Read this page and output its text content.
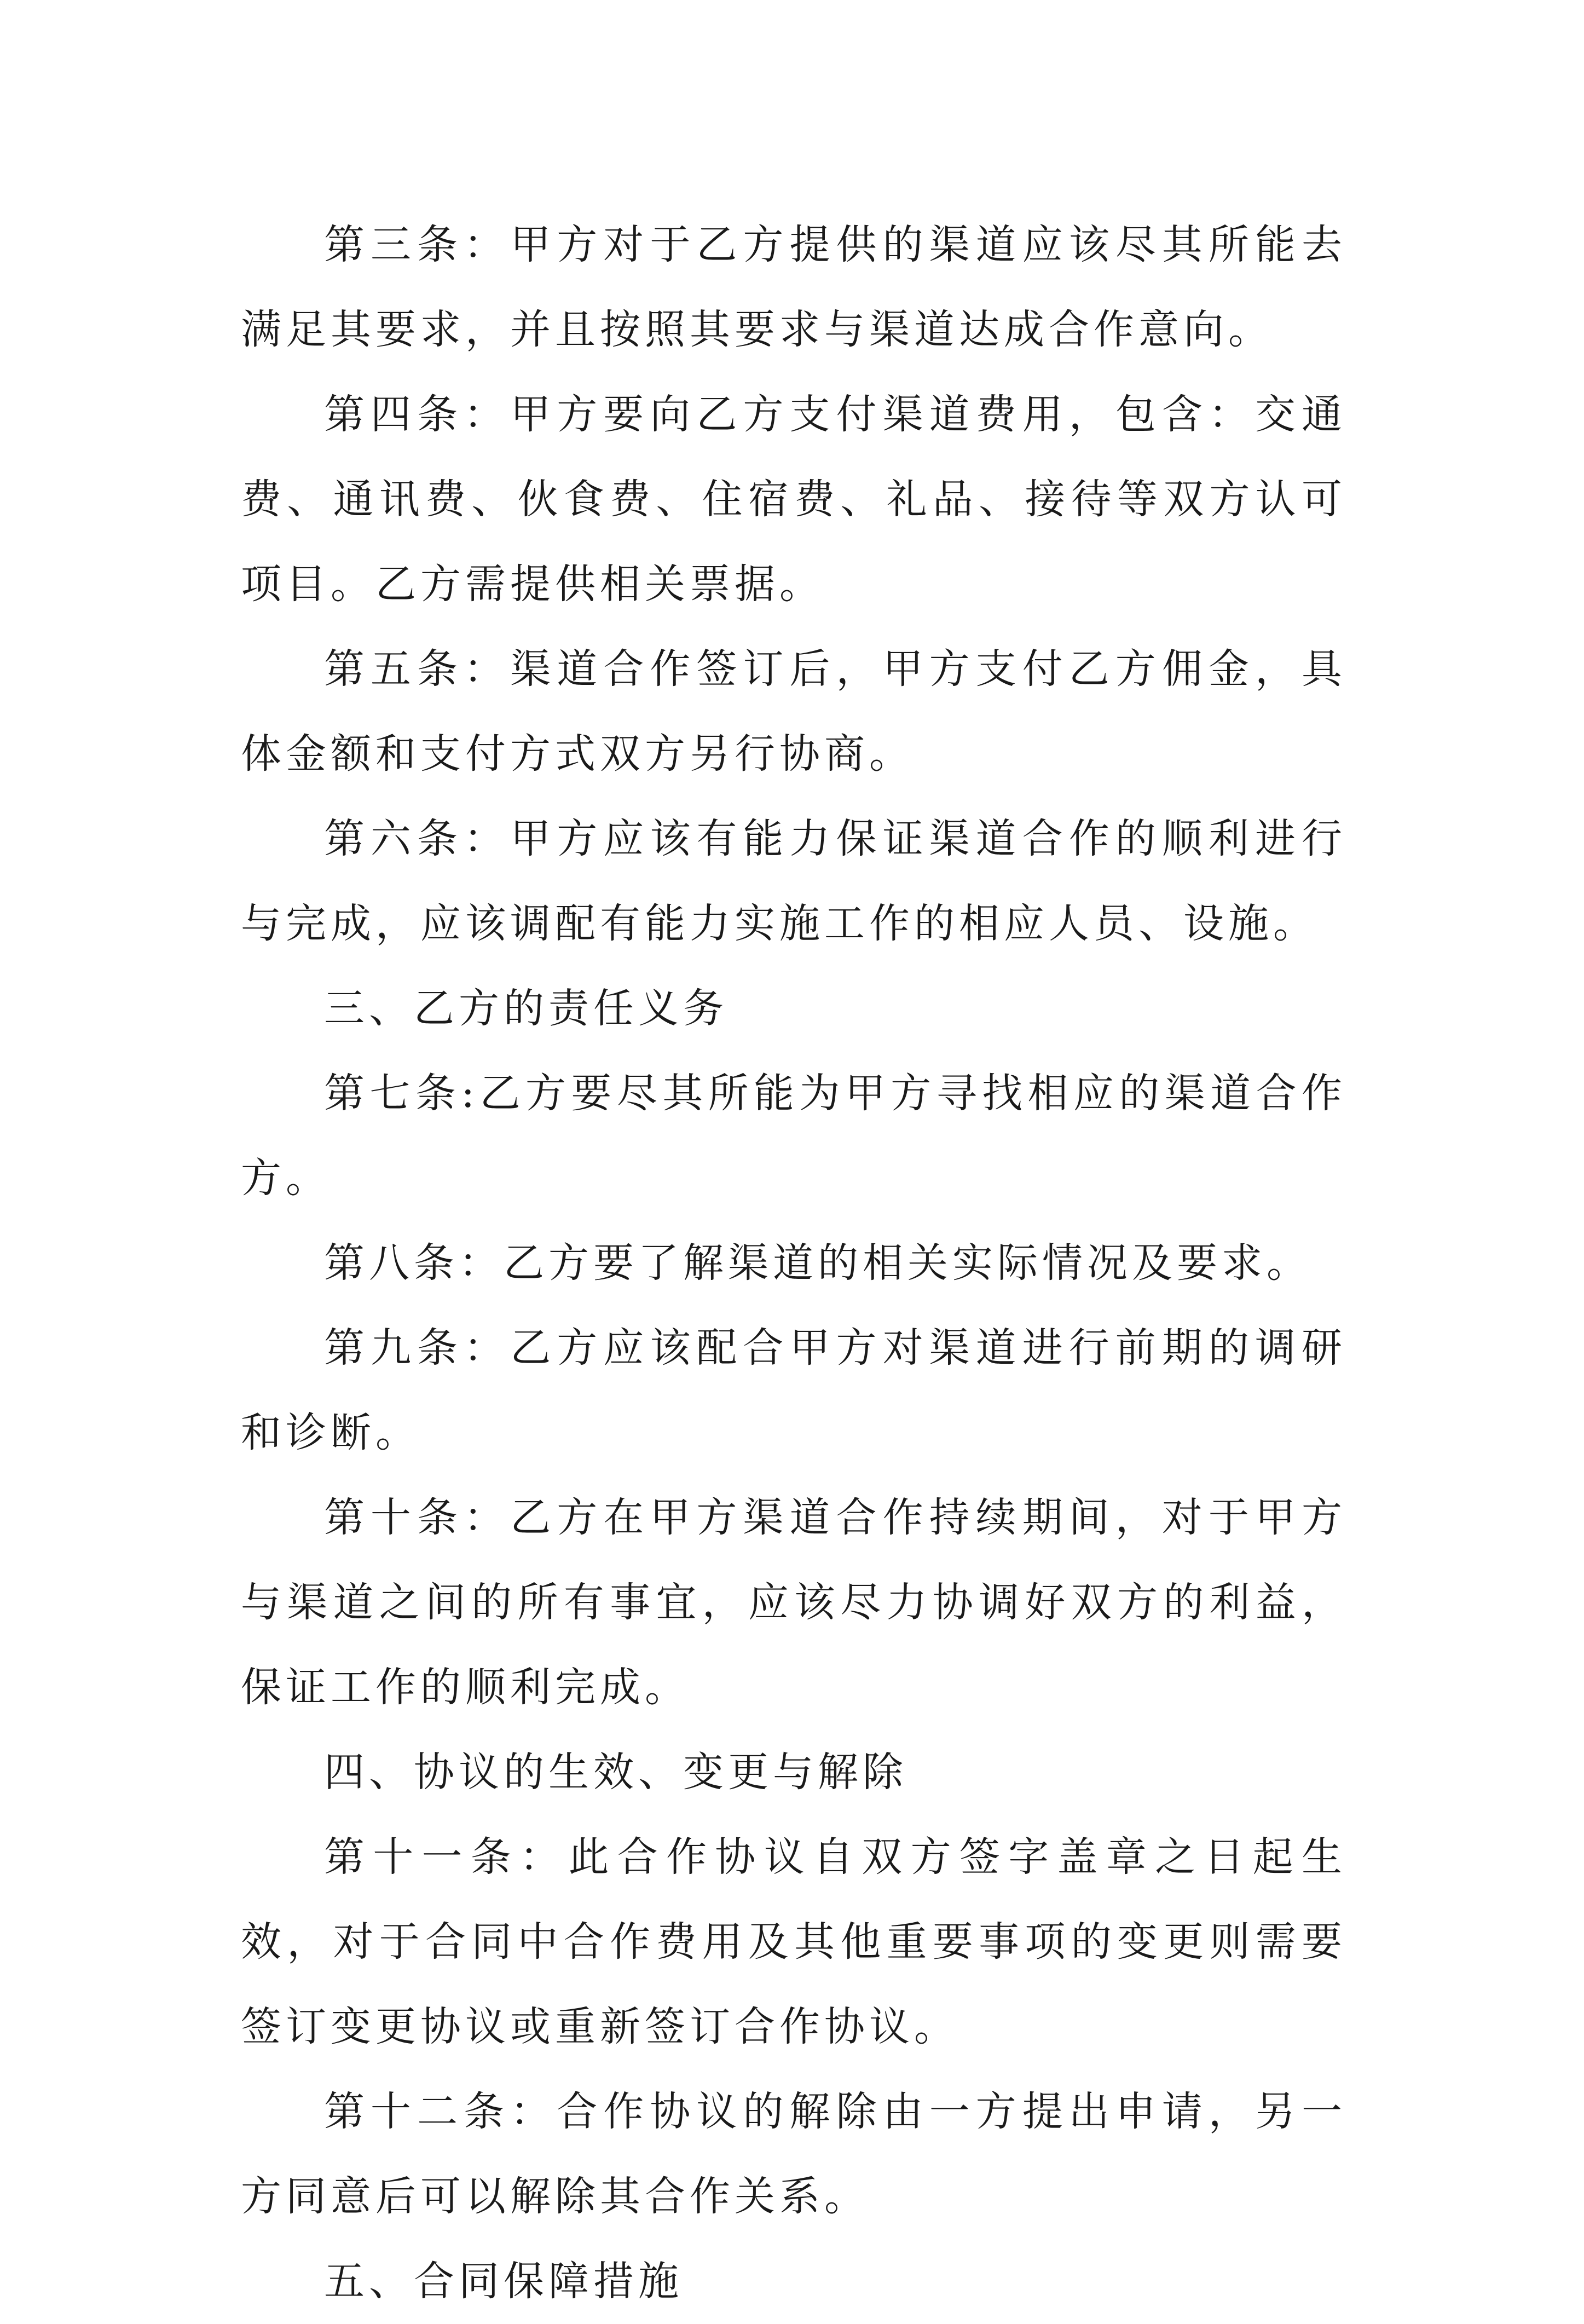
第三条：甲方对于乙方提供的渠道应该尽其所能去满足其要求，并且按照其要求与渠道达成合作意向。

第四条：甲方要向乙方支付渠道费用，包含：交通费、通讯费、伙食费、住宿费、礼品、接待等双方认可项目。乙方需提供相关票据。

第五条：渠道合作签订后，甲方支付乙方佣金，具体金额和支付方式双方另行协商。

第六条：甲方应该有能力保证渠道合作的顺利进行与完成，应该调配有能力实施工作的相应人员、设施。

三、乙方的责任义务

第七条:乙方要尽其所能为甲方寻找相应的渠道合作方。

第八条：乙方要了解渠道的相关实际情况及要求。

第九条：乙方应该配合甲方对渠道进行前期的调研和诊断。

第十条：乙方在甲方渠道合作持续期间，对于甲方与渠道之间的所有事宜，应该尽力协调好双方的利益，保证工作的顺利完成。

四、协议的生效、变更与解除

第十一条：此合作协议自双方签字盖章之日起生效，对于合同中合作费用及其他重要事项的变更则需要签订变更协议或重新签订合作协议。

第十二条：合作协议的解除由一方提出申请，另一方同意后可以解除其合作关系。

五、合同保障措施
